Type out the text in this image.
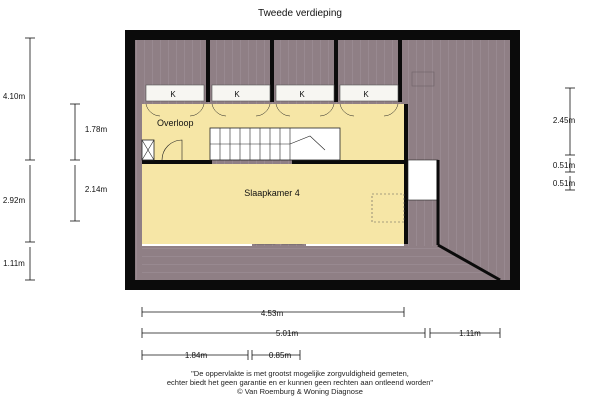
Tweede verdieping
K	K	K	K
Overloop
Slaapkamer 4
4.10m
1.78m
2.14m
2.92m
1.11m
2.45m
0.51m
0.51m
4.53m
5.01m	1.11m
1.84m	0.85m
"De oppervlakte is met grootst mogelijke zorgvuldigheid gemeten,
echter biedt het geen garantie en er kunnen geen rechten aan ontleend worden"
© Van Roemburg & Woning Diagnose
